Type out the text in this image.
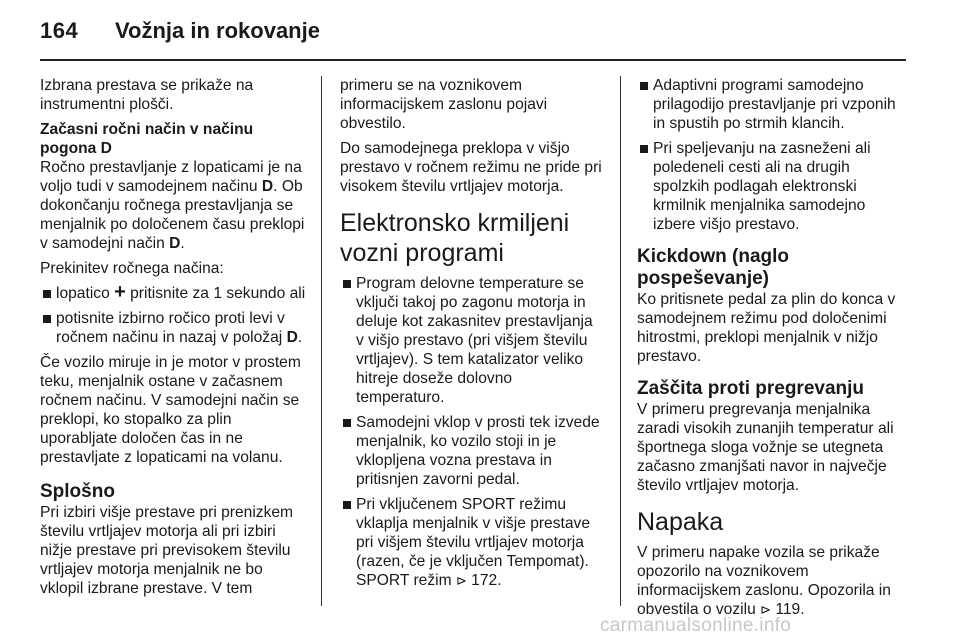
164 Vožnja in rokovanje

Izbrana prestava se prikaže na instrumentni plošči.

Začasni ročni način v načinu pogona D

Ročno prestavljanje z lopaticami je na voljo tudi v samodejnem načinu D. Ob dokončanju ročnega prestavljanja se menjalnik po določenem času preklopi v samodejni način D.

Prekinitev ročnega načina:

lopatico + pritisnite za 1 sekundo ali
potisnite izbirno ročico proti levi v ročnem načinu in nazaj v položaj D.

Če vozilo miruje in je motor v prostem teku, menjalnik ostane v začasnem ročnem načinu. V samodejni način se preklopi, ko stopalko za plin uporabljate določen čas in ne prestavljate z lopaticami na volanu.

Splošno

Pri izbiri višje prestave pri prenizkem številu vrtljajev motorja ali pri izbiri nižje prestave pri previsokem številu vrtljajev motorja menjalnik ne bo vklopil izbrane prestave. V tem

primeru se na voznikovem informacijskem zaslonu pojavi obvestilo.

Do samodejnega preklopa v višjo prestavo v ročnem režimu ne pride pri visokem številu vrtljajev motorja.

Elektronsko krmiljeni vozni programi
Program delovne temperature se vključi takoj po zagonu motorja in deluje kot zakasnitev prestavljanja v višjo prestavo (pri višjem številu vrtljajev). S tem katalizator veliko hitreje doseže dolovno temperaturo.
Samodejni vklop v prosti tek izvede menjalnik, ko vozilo stoji in je vklopljena vozna prestava in pritisnjen zavorni pedal.
Pri vključenem SPORT režimu vklaplja menjalnik v višje prestave pri višjem številu vrtljajev motorja (razen, če je vključen Tempomat). SPORT režim ⊳ 172.
Adaptivni programi samodejno prilagodijo prestavljanje pri vzponih in spustih po strmih klancih.
Pri speljevanju na zasneženi ali poledeneli cesti ali na drugih spolzkih podlagah elektronski krmilnik menjalnika samodejno izbere višjo prestavo.
Kickdown (naglo pospeševanje)

Ko pritisnete pedal za plin do konca v samodejnem režimu pod določenimi hitrostmi, preklopi menjalnik v nižjo prestavo.

Zaščita proti pregrevanju

V primeru pregrevanja menjalnika zaradi visokih zunanjih temperatur ali športnega sloga vožnje se utegneta začasno zmanjšati navor in največje število vrtljajev motorja.

Napaka

V primeru napake vozila se prikaže opozorilo na voznikovem informacijskem zaslonu. Opozorila in obvestila o vozilu ⊳ 119.

carmanualsonline.info
